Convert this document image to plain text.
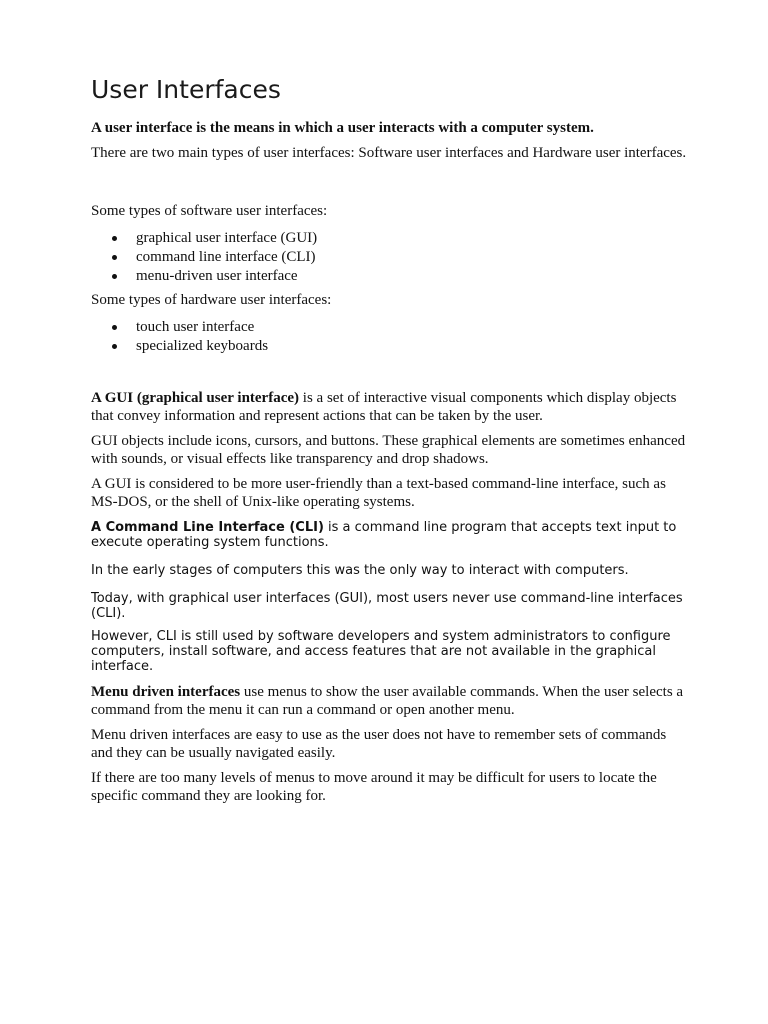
User Interfaces

A user interface is the means in which a user interacts with a computer system.

There are two main types of user interfaces: Software user interfaces and Hardware user interfaces.

Some types of software user interfaces:

graphical user interface (GUI)
command line interface (CLI)
menu-driven user interface

Some types of hardware user interfaces:

touch user interface
specialized keyboards

A GUI (graphical user interface) is a set of interactive visual components which display objects that convey information and represent actions that can be taken by the user.

GUI objects include icons, cursors, and buttons. These graphical elements are sometimes enhanced with sounds, or visual effects like transparency and drop shadows.

A GUI is considered to be more user-friendly than a text-based command-line interface, such as MS-DOS, or the shell of Unix-like operating systems.

A Command Line Interface (CLI) is a command line program that accepts text input to execute operating system functions.

In the early stages of computers this was the only way to interact with computers.

Today, with graphical user interfaces (GUI), most users never use command-line interfaces (CLI).

However, CLI is still used by software developers and system administrators to configure computers, install software, and access features that are not available in the graphical interface.

Menu driven interfaces use menus to show the user available commands. When the user selects a command from the menu it can run a command or open another menu.

Menu driven interfaces are easy to use as the user does not have to remember sets of commands and they can be usually navigated easily.

If there are too many levels of menus to move around it may be difficult for users to locate the specific command they are looking for.
